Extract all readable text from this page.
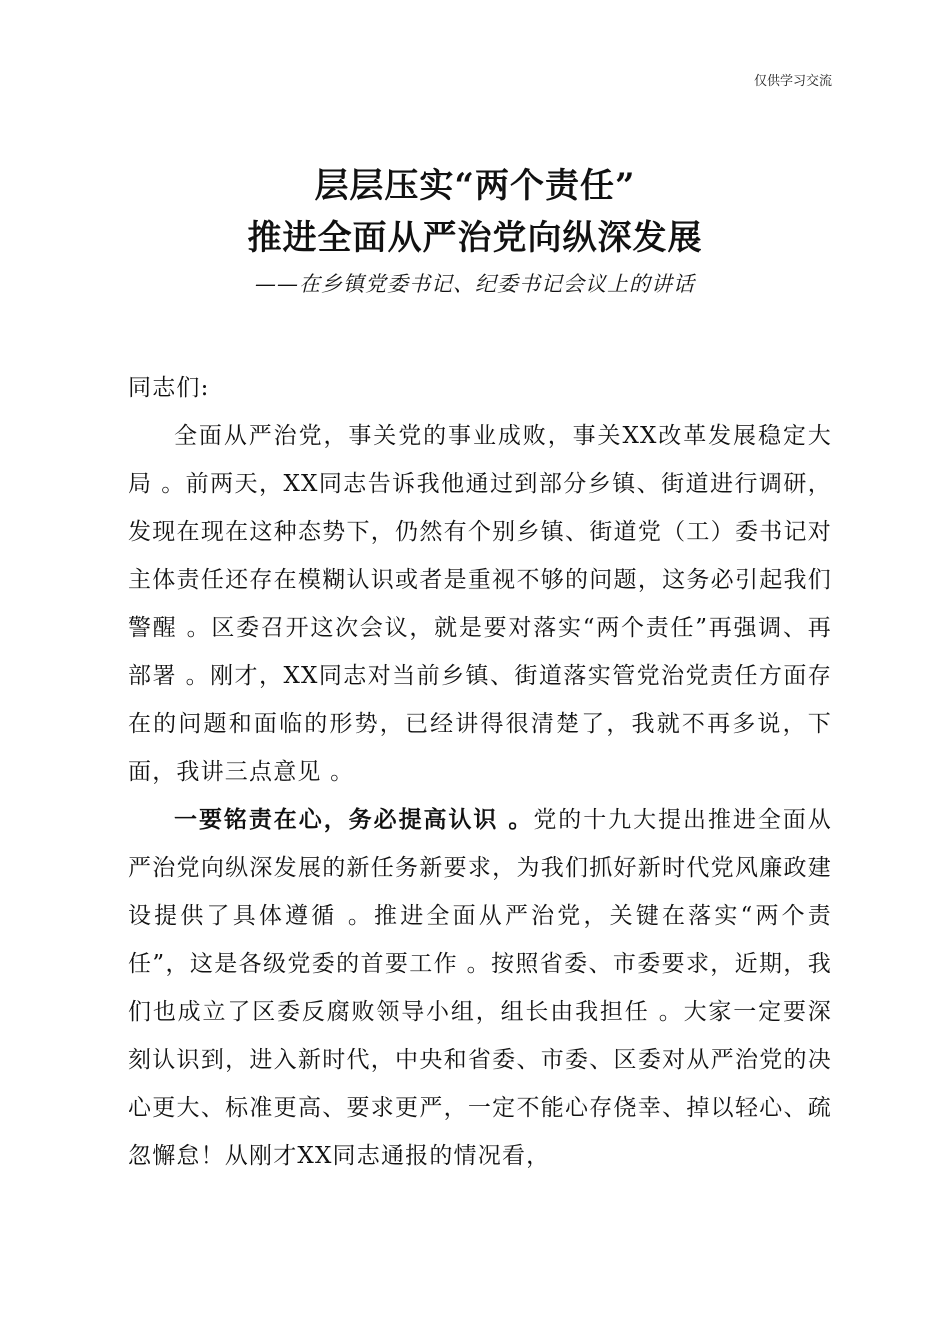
仅供学习交流
层层压实“两个责任”
推进全面从严治党向纵深发展
——在乡镇党委书记、纪委书记会议上的讲话

同志们:

全面从严治党，事关党的事业成败，事关XX改革发展稳定大局 。前两天，XX同志告诉我他通过到部分乡镇、街道进行调研，发现在现在这种态势下，仍然有个别乡镇、街道党（工）委书记对主体责任还存在模糊认识或者是重视不够的问题，这务必引起我们警醒 。区委召开这次会议，就是要对落实“两个责任”再强调、再部署 。刚才，XX同志对当前乡镇、街道落实管党治党责任方面存在的问题和面临的形势，已经讲得很清楚了，我就不再多说，下面，我讲三点意见 。

一要铭责在心，务必提高认识 。党的十九大提出推进全面从严治党向纵深发展的新任务新要求，为我们抓好新时代党风廉政建设提供了具体遵循 。推进全面从严治党，关键在落实“两个责任”，这是各级党委的首要工作 。按照省委、市委要求，近期，我们也成立了区委反腐败领导小组，组长由我担任 。大家一定要深刻认识到，进入新时代，中央和省委、市委、区委对从严治党的决心更大、标准更高、要求更严，一定不能心存侥幸、掉以轻心、疏忽懈怠！从刚才XX同志通报的情况看，
